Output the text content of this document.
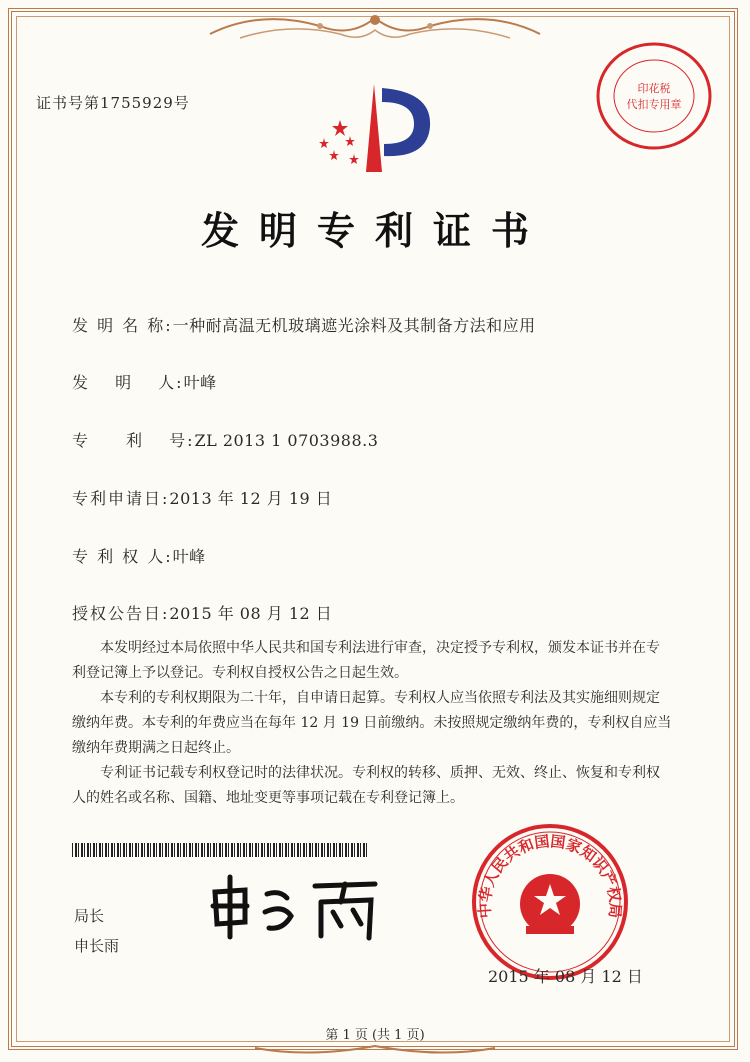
证书号第1755929号
印花税
代扣专用章
发明专利证书
发 明 名 称:一种耐高温无机玻璃遮光涂料及其制备方法和应用
发　 明　 人:叶峰
专　　利　 号:ZL 2013 1 0703988.3
专利申请日:2013 年 12 月 19 日
专 利 权 人:叶峰
授权公告日:2015 年 08 月 12 日

本发明经过本局依照中华人民共和国专利法进行审查，决定授予专利权，颁发本证书并在专利登记簿上予以登记。专利权自授权公告之日起生效。

本专利的专利权期限为二十年，自申请日起算。专利权人应当依照专利法及其实施细则规定缴纳年费。本专利的年费应当在每年 12 月 19 日前缴纳。未按照规定缴纳年费的，专利权自应当缴纳年费期满之日起终止。

专利证书记载专利权登记时的法律状况。专利权的转移、质押、无效、终止、恢复和专利权人的姓名或名称、国籍、地址变更等事项记载在专利登记簿上。

局长
申长雨
中华人民共和国国家知识产权局
2015 年 08 月 12 日
第 1 页 (共 1 页)
